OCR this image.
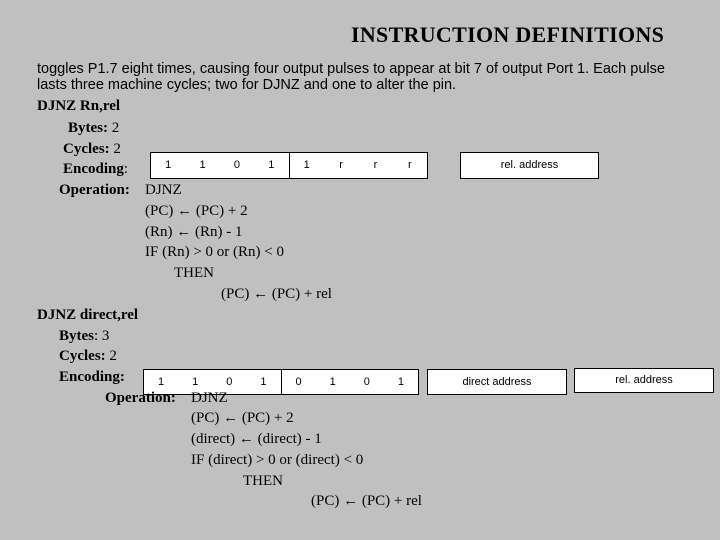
INSTRUCTION DEFINITIONS
toggles P1.7 eight times, causing four output pulses to appear at bit 7 of output Port 1. Each pulse lasts three machine cycles; two for DJNZ and one to alter the pin.
DJNZ Rn,rel
Bytes: 2
Cycles: 2
Encoding:	1	1	0	1	1	r	r	r	rel. address
Operation: DJNZ
(PC) ← (PC) + 2
(Rn) ← (Rn) - 1
IF (Rn) > 0 or (Rn) < 0
THEN
(PC) ← (PC) + rel
DJNZ direct,rel
Bytes: 3
Cycles: 2
Encoding:	1	1	0	1	0	1	0	1	direct address	rel. address
Operation: DJNZ
(PC) ← (PC) + 2
(direct) ← (direct) - 1
IF (direct) > 0 or (direct) < 0
THEN
(PC) ← (PC) + rel
